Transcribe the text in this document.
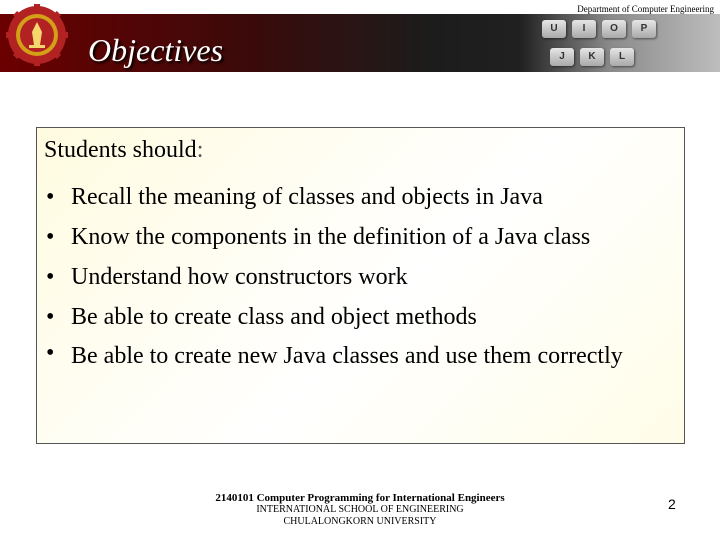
U	I	O	P
J	K	L
Department of Computer Engineering
Objectives
Students should:
• Recall the meaning of classes and objects in Java
• Know the components in the definition of a Java class
• Understand how constructors work
• Be able to create class and object methods
• Be able to create new Java classes and use them correctly
2140101 Computer Programming for International Engineers
INTERNATIONAL SCHOOL OF ENGINEERING
CHULALONGKORN UNIVERSITY
2
